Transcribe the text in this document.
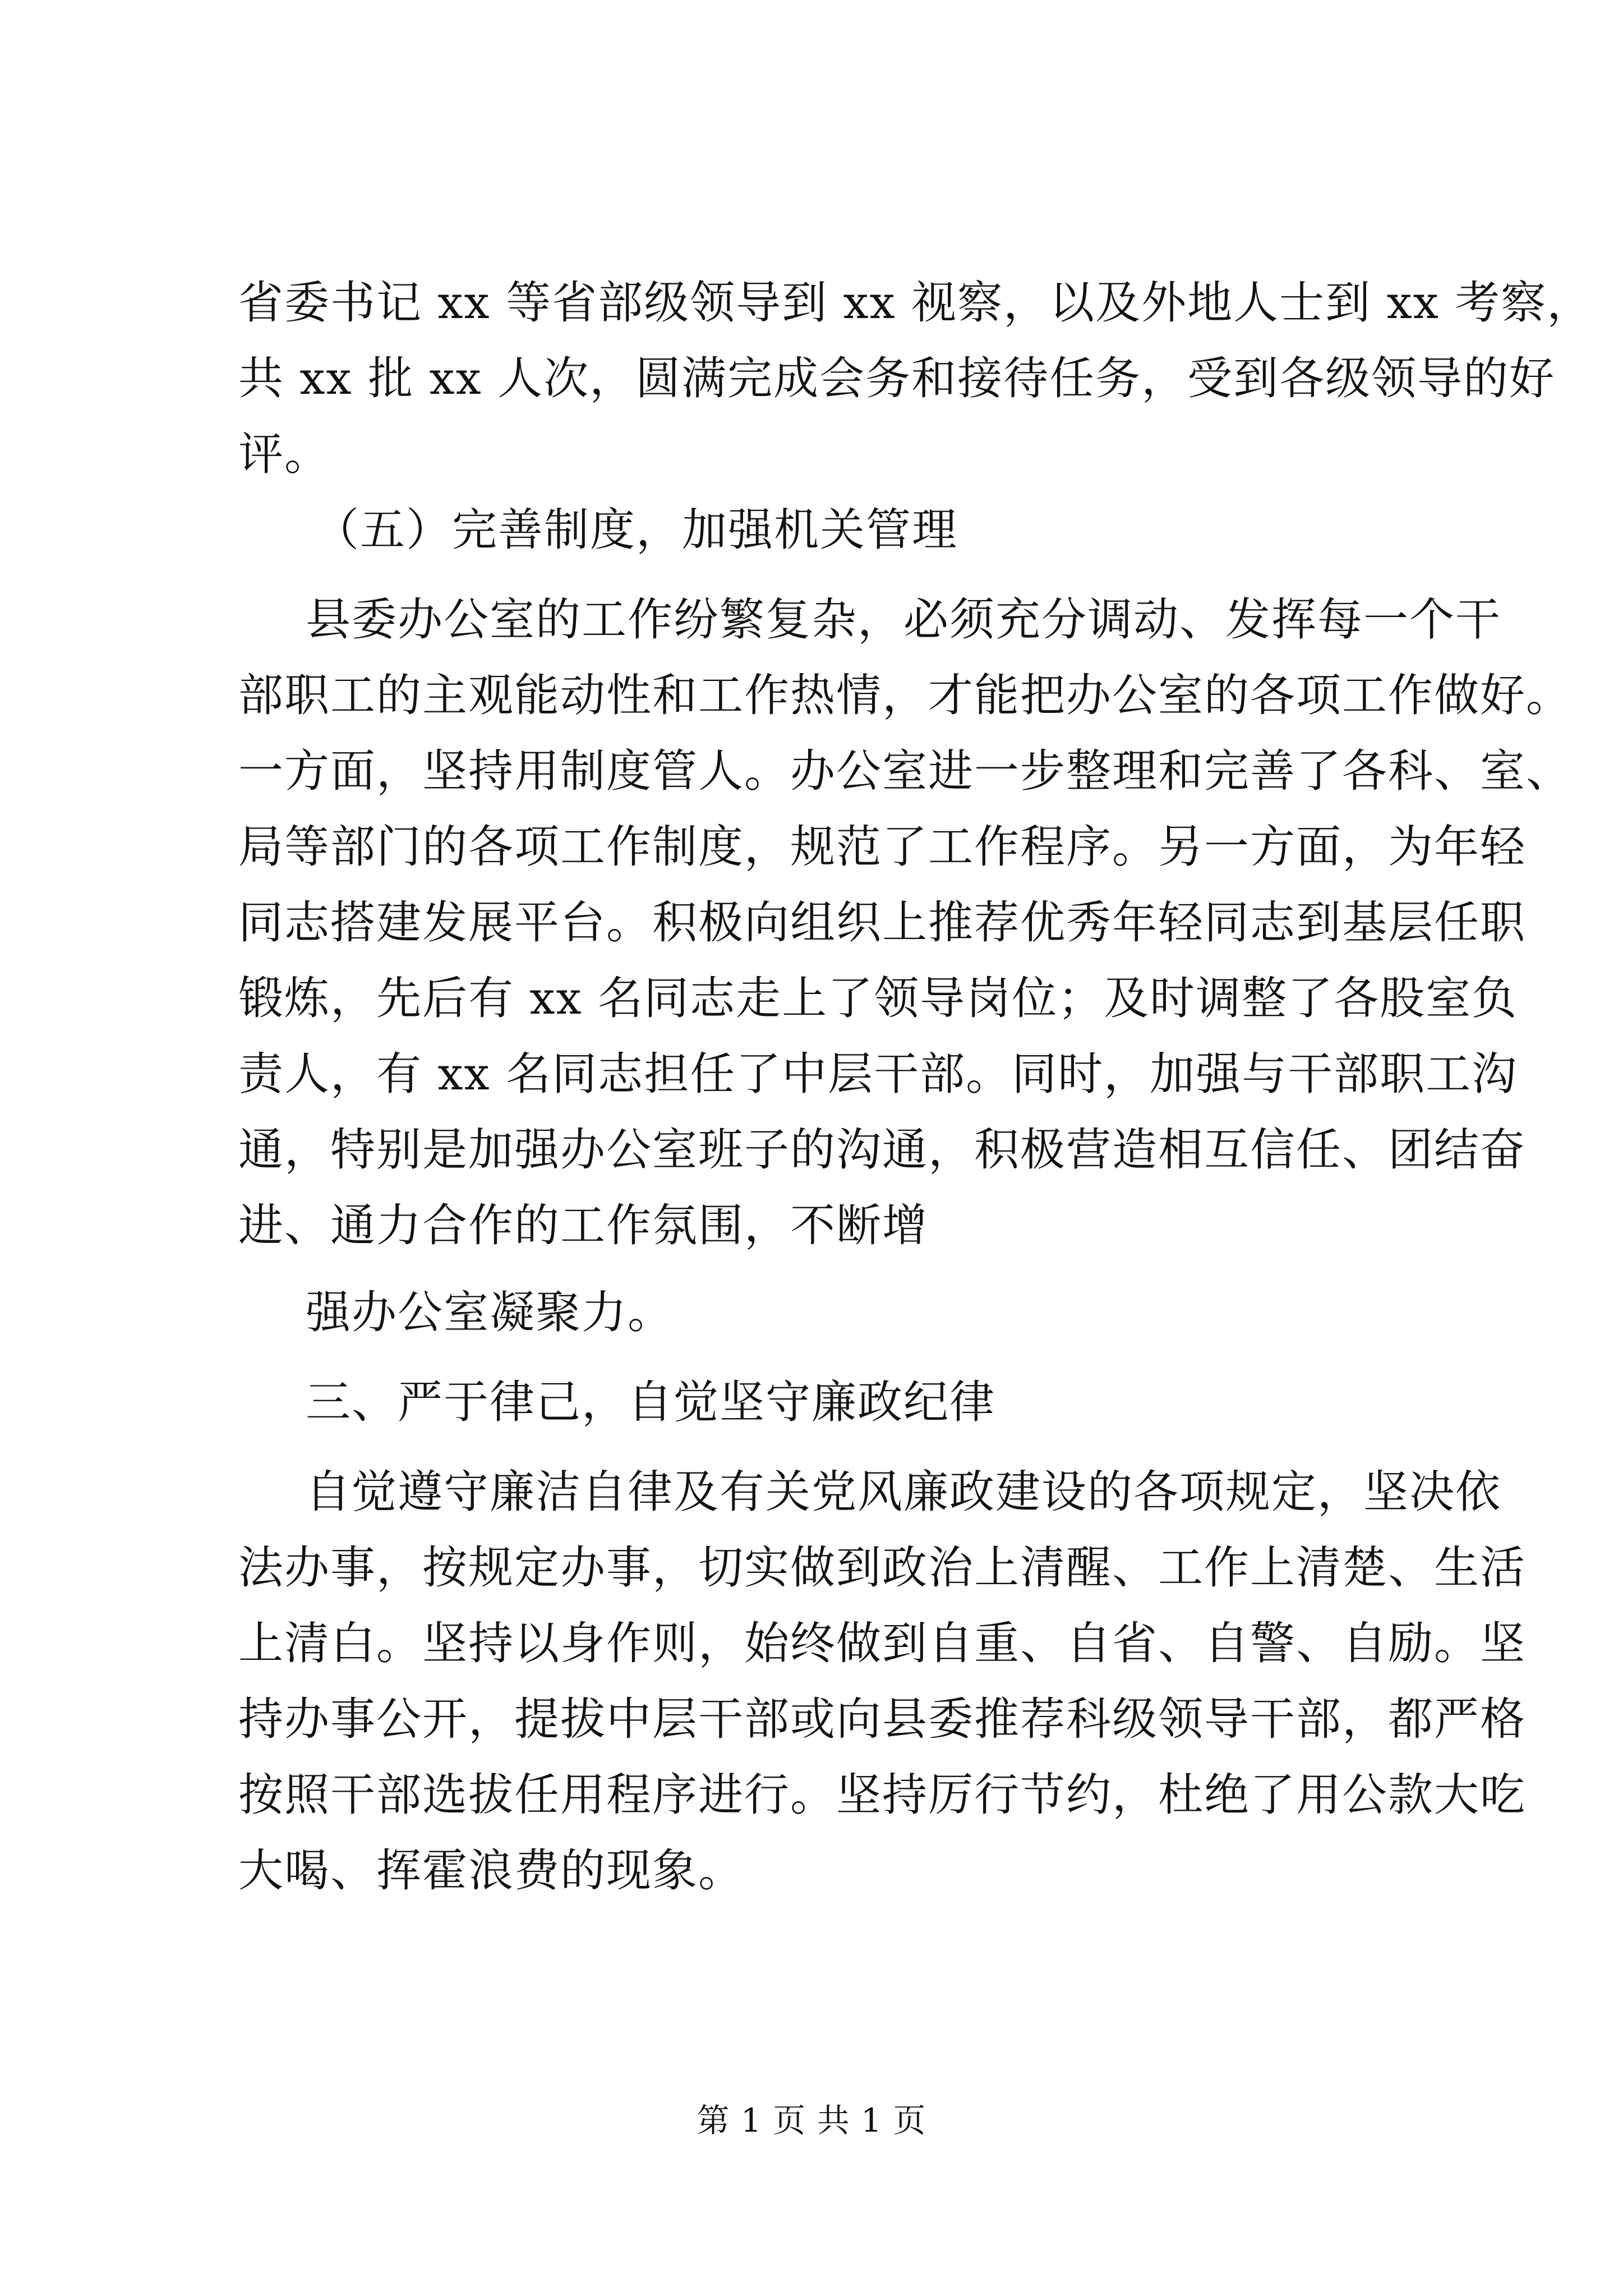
省委书记 xx 等省部级领导到 xx 视察，以及外地人士到 xx 考察，
共 xx 批 xx 人次，圆满完成会务和接待任务，受到各级领导的好
评。
（五）完善制度，加强机关管理
县委办公室的工作纷繁复杂，必须充分调动、发挥每一个干
部职工的主观能动性和工作热情，才能把办公室的各项工作做好。
一方面，坚持用制度管人。办公室进一步整理和完善了各科、室、
局等部门的各项工作制度，规范了工作程序。另一方面，为年轻
同志搭建发展平台。积极向组织上推荐优秀年轻同志到基层任职
锻炼，先后有 xx 名同志走上了领导岗位；及时调整了各股室负
责人，有 xx 名同志担任了中层干部。同时，加强与干部职工沟
通，特别是加强办公室班子的沟通，积极营造相互信任、团结奋
进、通力合作的工作氛围，不断增
强办公室凝聚力。
三、严于律己，自觉坚守廉政纪律
自觉遵守廉洁自律及有关党风廉政建设的各项规定，坚决依
法办事，按规定办事，切实做到政治上清醒、工作上清楚、生活
上清白。坚持以身作则，始终做到自重、自省、自警、自励。坚
持办事公开，提拔中层干部或向县委推荐科级领导干部，都严格
按照干部选拔任用程序进行。坚持厉行节约，杜绝了用公款大吃
大喝、挥霍浪费的现象。
第 1 页 共 1 页
